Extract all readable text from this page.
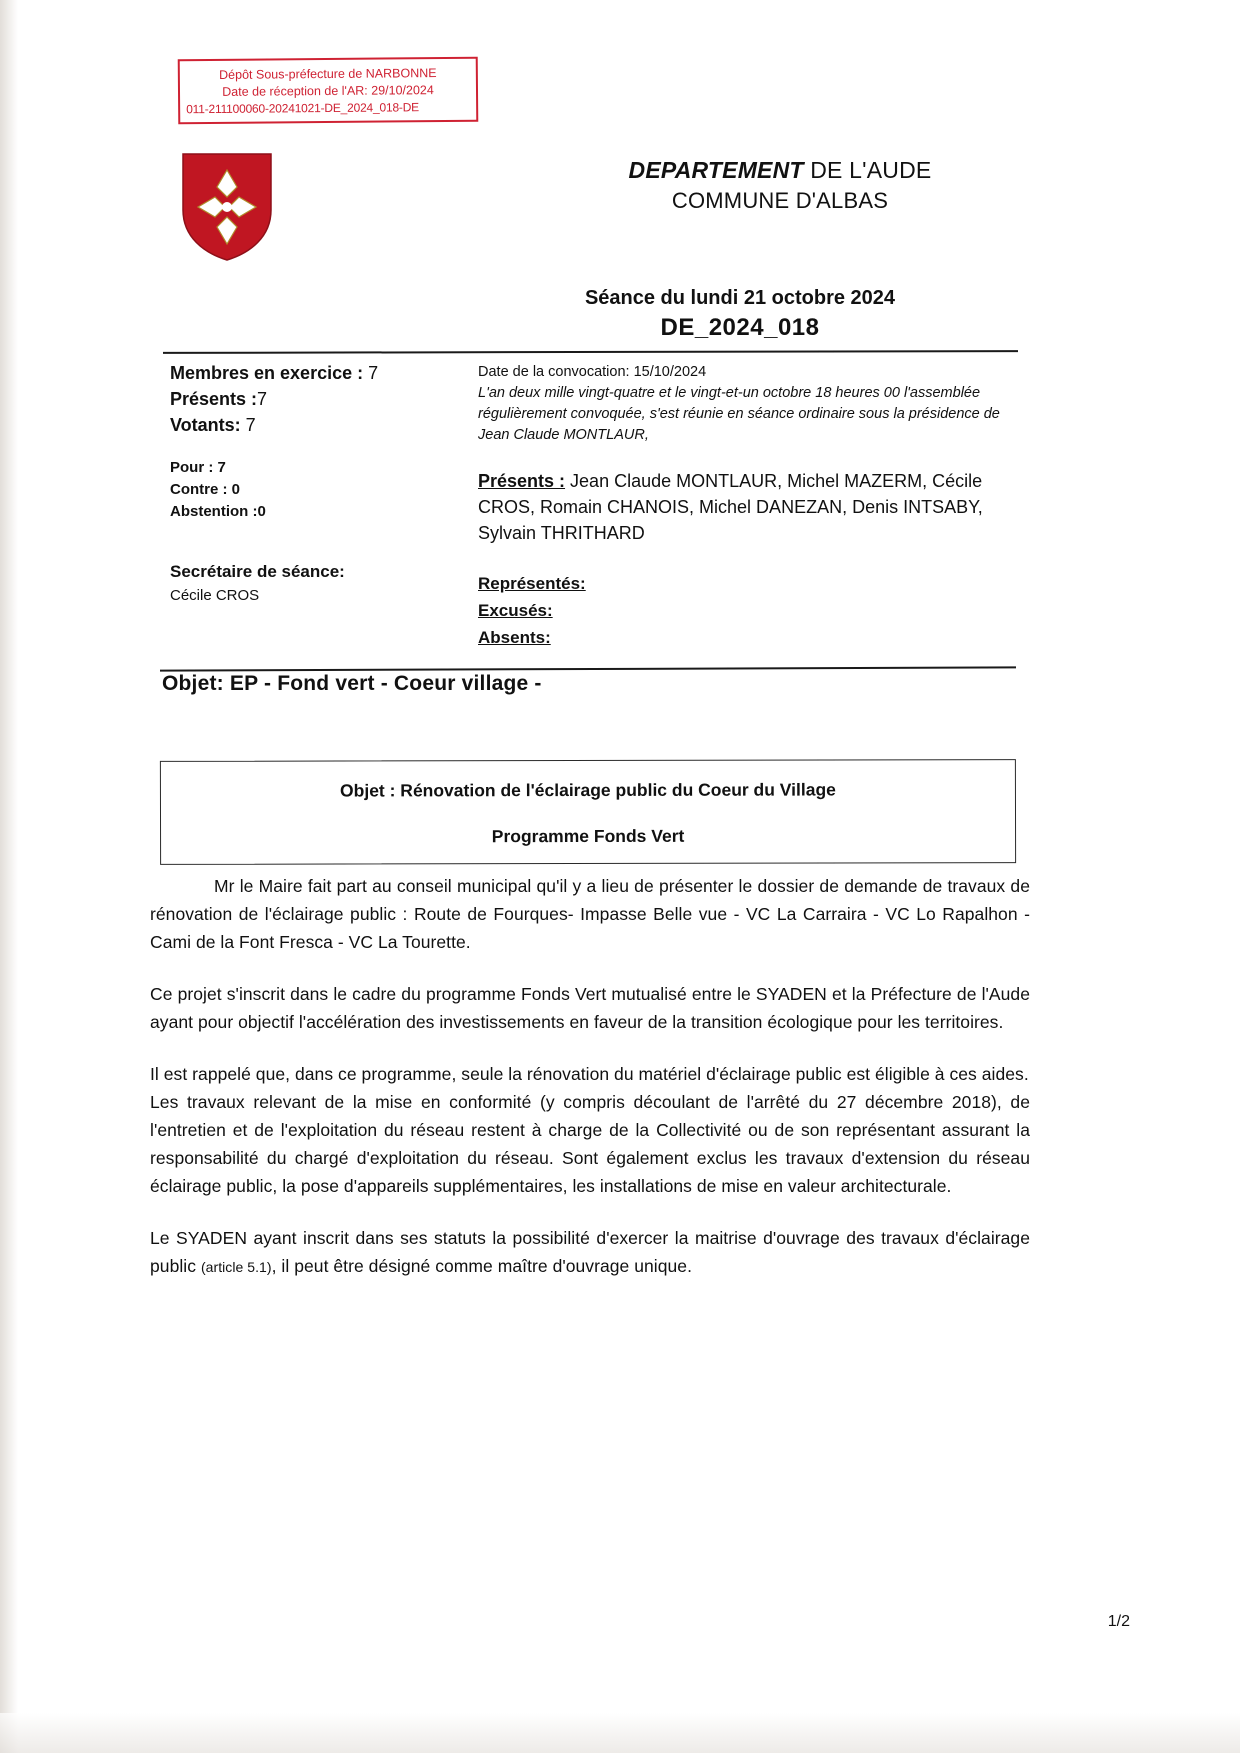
Dépôt Sous-préfecture de NARBONNE
Date de réception de l'AR: 29/10/2024
011-211100060-20241021-DE_2024_018-DE
DEPARTEMENT DE L'AUDE
COMMUNE D'ALBAS
Séance du lundi 21 octobre 2024
DE_2024_018
Membres en exercice : 7
Présents :7
Votants: 7
Pour : 7
Contre : 0
Abstention :0
Secrétaire de séance:
Cécile CROS
Date de la convocation: 15/10/2024
L'an deux mille vingt-quatre et le vingt-et-un octobre 18 heures 00 l'assemblée régulièrement convoquée, s'est réunie en séance ordinaire sous la présidence de Jean Claude MONTLAUR,
Présents : Jean Claude MONTLAUR, Michel MAZERM, Cécile CROS, Romain CHANOIS, Michel DANEZAN, Denis INTSABY, Sylvain THRITHARD
Représentés:
Excusés:
Absents:
Objet: EP - Fond vert - Coeur village -
Objet : Rénovation de l'éclairage public du Coeur du Village
Programme Fonds Vert

Mr le Maire fait part au conseil municipal qu'il y a lieu de présenter le dossier de demande de travaux de rénovation de l'éclairage public : Route de Fourques- Impasse Belle vue - VC La Carraira - VC Lo Rapalhon - Cami de la Font Fresca - VC La Tourette.

Ce projet s'inscrit dans le cadre du programme Fonds Vert mutualisé entre le SYADEN et la Préfecture de l'Aude ayant pour objectif l'accélération des investissements en faveur de la transition écologique pour les territoires.

Il est rappelé que, dans ce programme, seule la rénovation du matériel d'éclairage public est éligible à ces aides.

Les travaux relevant de la mise en conformité (y compris découlant de l'arrêté du 27 décembre 2018), de l'entretien et de l'exploitation du réseau restent à charge de la Collectivité ou de son représentant assurant la responsabilité du chargé d'exploitation du réseau. Sont également exclus les travaux d'extension du réseau éclairage public, la pose d'appareils supplémentaires, les installations de mise en valeur architecturale.

Le SYADEN ayant inscrit dans ses statuts la possibilité d'exercer la maitrise d'ouvrage des travaux d'éclairage public (article 5.1), il peut être désigné comme maître d'ouvrage unique.

1/2
